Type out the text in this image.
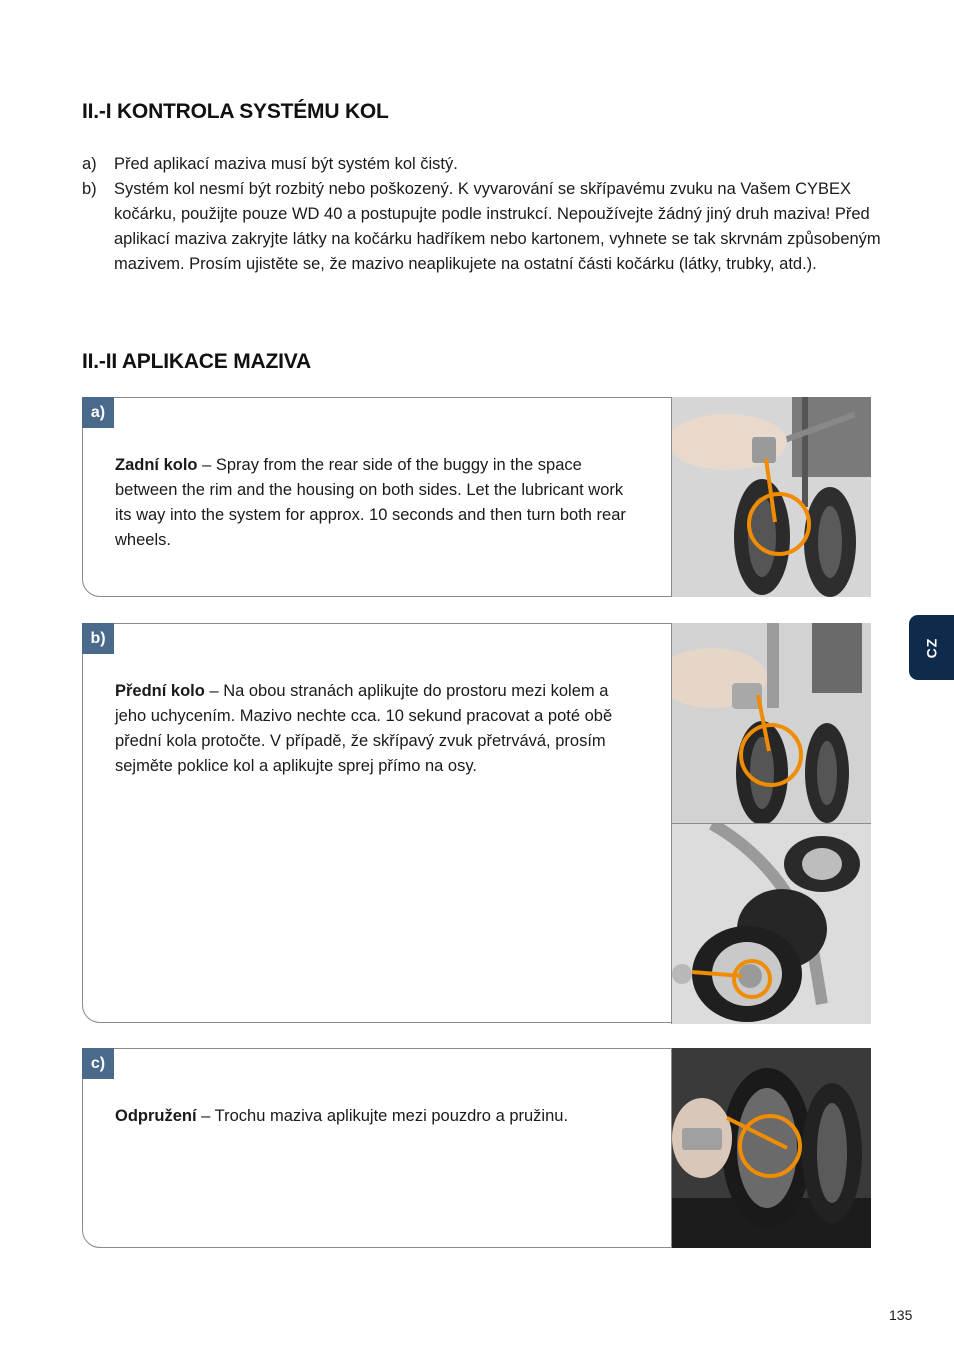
II.-I KONTROLA SYSTÉMU KOL
a)	Před aplikací maziva musí být systém kol čistý.
b)	Systém kol nesmí být rozbitý nebo poškozený. K vyvarování se skřípavému zvuku na Vašem CYBEX kočárku, použijte pouze WD 40 a postupujte podle instrukcí. Nepoužívejte žádný jiný druh maziva! Před aplikací maziva zakryjte látky na kočárku hadříkem nebo kartonem, vyhnete se tak skrvnám způsobeným mazivem. Prosím ujistěte se, že mazivo neaplikujete na ostatní části kočárku (látky, trubky, atd.).
II.-II APLIKACE MAZIVA
a)
Zadní kolo – Spray from the rear side of the buggy in the space between the rim and the housing on both sides. Let the lubricant work its way into the system for approx. 10 seconds and then turn both rear wheels.
b)
Přední kolo – Na obou stranách aplikujte do prostoru mezi kolem a jeho uchycením. Mazivo nechte cca. 10 sekund pracovat a poté obě přední kola protočte. V případě, že skřípavý zvuk přetrvává, prosím sejměte poklice kol a aplikujte sprej přímo na osy.
c)
Odpružení – Trochu maziva aplikujte mezi pouzdro a pružinu.
CZ
135
